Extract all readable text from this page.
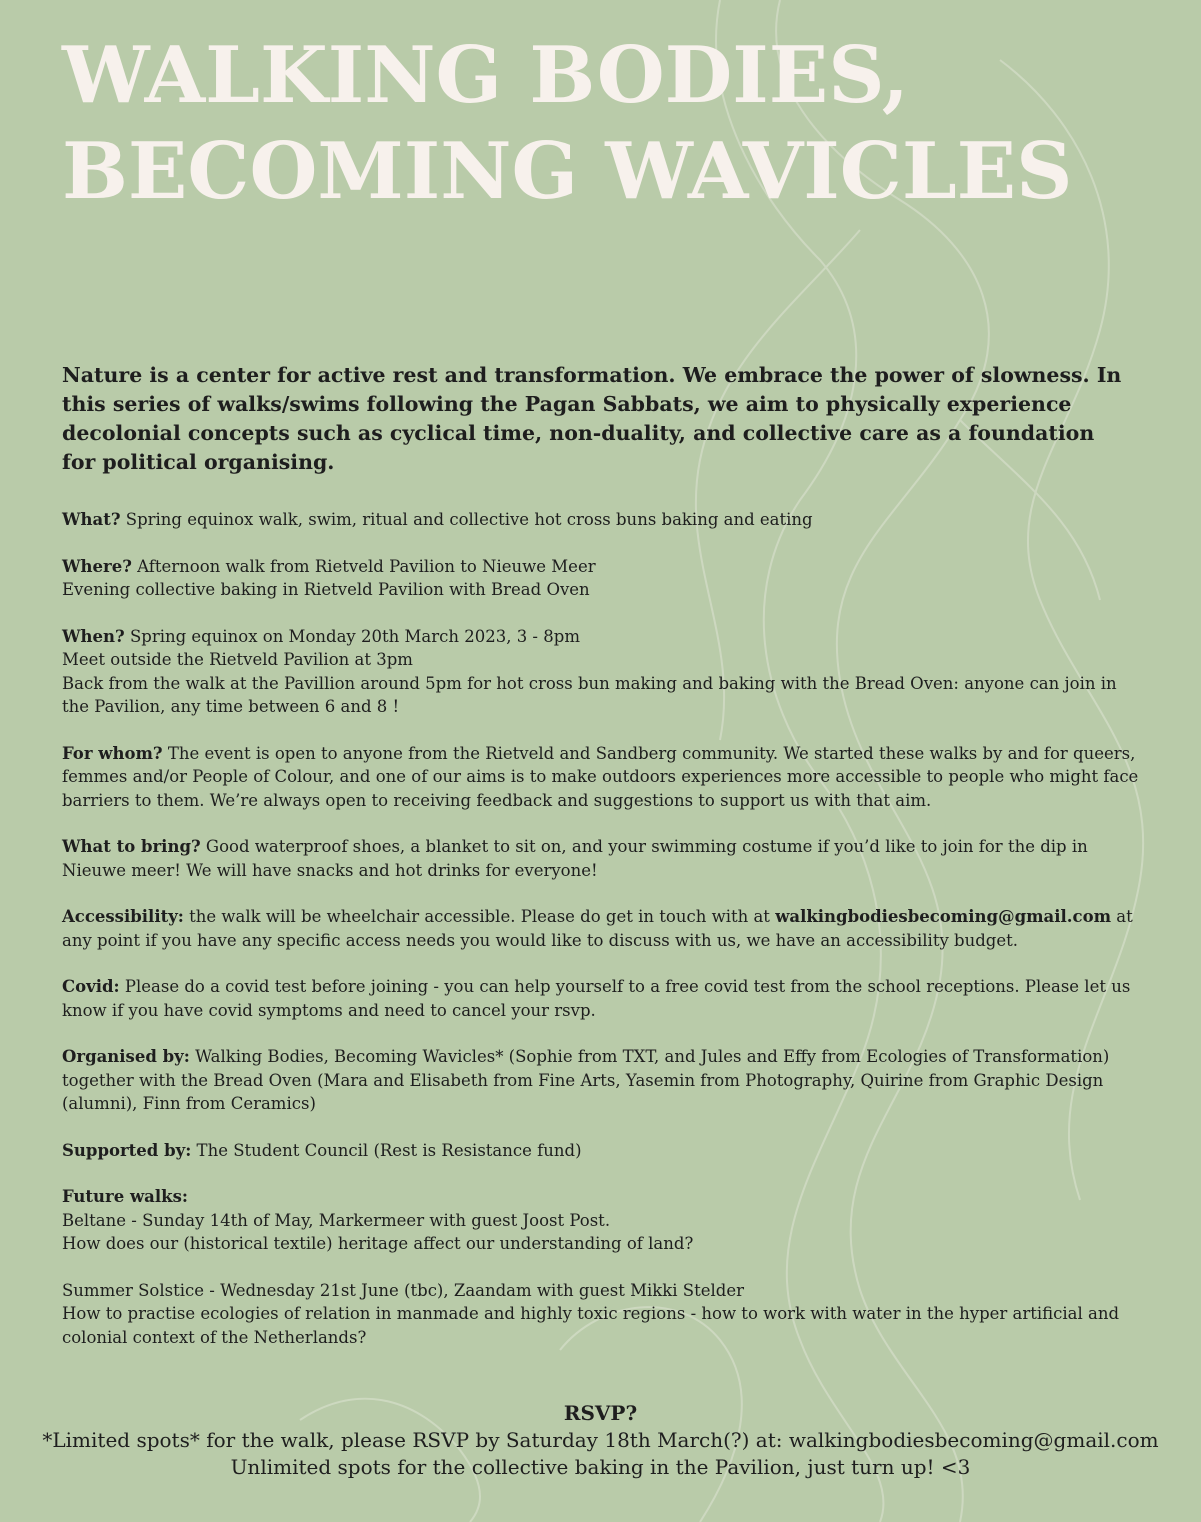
WALKING BODIES,
BECOMING WAVICLES

Nature is a center for active rest and transformation. We embrace the power of slowness. In this series of walks/swims following the Pagan Sabbats, we aim to physically experience decolonial concepts such as cyclical time, non-duality, and collective care as a foundation for political organising.

What? Spring equinox walk, swim, ritual and collective hot cross buns baking and eating

Where? Afternoon walk from Rietveld Pavilion to Nieuwe Meer
Evening collective baking in Rietveld Pavilion with Bread Oven

When? Spring equinox on Monday 20th March 2023, 3 - 8pm
Meet outside the Rietveld Pavilion at 3pm
Back from the walk at the Pavillion around 5pm for hot cross bun making and baking with the Bread Oven: anyone can join in the Pavilion, any time between 6 and 8 !

For whom? The event is open to anyone from the Rietveld and Sandberg community. We started these walks by and for queers, femmes and/or People of Colour, and one of our aims is to make outdoors experiences more accessible to people who might face barriers to them. We’re always open to receiving feedback and suggestions to support us with that aim.

What to bring? Good waterproof shoes, a blanket to sit on, and your swimming costume if you’d like to join for the dip in Nieuwe meer! We will have snacks and hot drinks for everyone!

Accessibility: the walk will be wheelchair accessible. Please do get in touch with at walkingbodiesbecoming@gmail.com at any point if you have any specific access needs you would like to discuss with us, we have an accessibility budget.

Covid: Please do a covid test before joining - you can help yourself to a free covid test from the school receptions. Please let us know if you have covid symptoms and need to cancel your rsvp.

Organised by: Walking Bodies, Becoming Wavicles* (Sophie from TXT, and Jules and Effy from Ecologies of Transformation) together with the Bread Oven (Mara and Elisabeth from Fine Arts, Yasemin from Photography, Quirine from Graphic Design (alumni), Finn from Ceramics)

Supported by: The Student Council (Rest is Resistance fund)

Future walks:
Beltane - Sunday 14th of May, Markermeer with guest Joost Post.
How does our (historical textile) heritage affect our understanding of land?

Summer Solstice - Wednesday 21st June (tbc), Zaandam with guest Mikki Stelder
How to practise ecologies of relation in manmade and highly toxic regions - how to work with water in the hyper artificial and colonial context of the Netherlands?

RSVP?
*Limited spots* for the walk, please RSVP by Saturday 18th March(?) at: walkingbodiesbecoming@gmail.com
Unlimited spots for the collective baking in the Pavilion, just turn up! <3
